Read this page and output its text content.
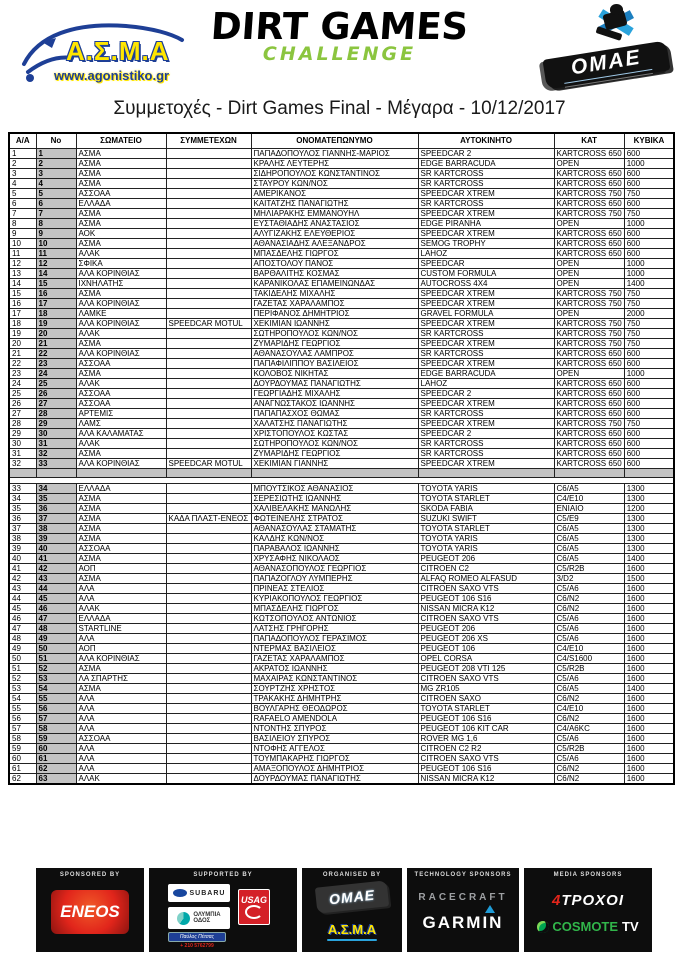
Α.Σ.Μ.Α
www.agonistiko.gr
DIRT GAMES
CHALLENGE	OMAE
Συμμετοχές - Dirt Games Final - Μέγαρα - 10/12/2017
Α/Α	Νο	ΣΩΜΑΤΕΙΟ	ΣΥΜΜΕΤΕΧΩΝ	ΟΝΟΜΑΤΕΠΩΝΥΜΟ	ΑΥΤΟΚΙΝΗΤΟ	ΚΑΤ	ΚΥΒΙΚΑ
1	1	ΑΣΜΑ		ΠΑΠΑΔΟΠΟΥΛΟΣ ΓΙΑΝΝΗΣ-ΜΑΡΙΟΣ	SPEEDCAR 2	KARTCROSS 650	600
2	2	ΑΣΜΑ		ΚΡΑΛΗΣ ΛΕΥΤΕΡΗΣ	EDGE BARRACUDA	OPEN	1000
3	3	ΑΣΜΑ		ΣΙΔΗΡΟΠΟΥΛΟΣ ΚΩΝΣΤΑΝΤΙΝΟΣ	SR KARTCROSS	KARTCROSS 650	600
4	4	ΑΣΜΑ		ΣΤΑΥΡΟΥ ΚΩΝ/ΝΟΣ	SR KARTCROSS	KARTCROSS 650	600
5	5	ΑΣΣΟΑΑ		ΑΜΕΡΙΚΑΝΟΣ	SPEEDCAR XTREM	KARTCROSS 750	750
6	6	ΕΛΛΑΔΑ		ΚΑΙΤΑΤΖΗΣ ΠΑΝΑΓΙΩΤΗΣ	SR KARTCROSS	KARTCROSS 650	600
7	7	ΑΣΜΑ		ΜΗΛΙΑΡΑΚΗΣ ΕΜΜΑΝΟΥΗΛ	SPEEDCAR XTREM	KARTCROSS 750	750
8	8	ΑΣΜΑ		ΕΥΣΤΑΘΙΑΔΗΣ ΑΝΑΣΤΑΣΙΟΣ	EDGE PIRANHA	OPEN	1000
9	9	ΑΟΚ		ΑΛΥΓΙΖΑΚΗΣ ΕΛΕΥΘΕΡΙΟΣ	SPEEDCAR XTREM	KARTCROSS 650	600
10	10	ΑΣΜΑ		ΑΘΑΝΑΣΙΑΔΗΣ ΑΛΕΞΑΝΔΡΟΣ	SEMOG TROPHY	KARTCROSS 650	600
11	11	ΑΛΑΚ		ΜΠΑΣΔΕΛΗΣ ΓΙΩΡΓΟΣ	LAHOZ	KARTCROSS 650	600
12	12	ΣΦΙΚΑ		ΑΠΟΣΤΟΛΟΥ ΠΑΝΟΣ	SPEEDCAR	OPEN	1000
13	14	ΑΛΑ ΚΟΡΙΝΘΙΑΣ		ΒΑΡΘΑΛΙΤΗΣ ΚΟΣΜΑΣ	CUSTOM FORMULA	OPEN	1000
14	15	ΙΧΝΗΛΑΤΗΣ		ΚΑΡΑΝΙΚΟΛΑΣ ΕΠΑΜΕΙΝΩΝΔΑΣ	AUTOCROSS 4X4	OPEN	1400
15	16	ΑΣΜΑ		ΤΑΚΙΔΕΛΗΣ ΜΙΧΑΛΗΣ	SPEEDCAR XTREM	KARTCROSS 750	750
16	17	ΑΛΑ ΚΟΡΙΝΘΙΑΣ		ΓΑΖΕΤΑΣ ΧΑΡΑΛΑΜΠΟΣ	SPEEDCAR XTREM	KARTCROSS 750	750
17	18	ΛΑΜΚΕ		ΠΕΡΙΦΑΝΟΣ ΔΗΜΗΤΡΙΟΣ	GRAVEL FORMULA	OPEN	2000
18	19	ΑΛΑ ΚΟΡΙΝΘΙΑΣ	SPEEDCAR MOTUL	ΧΕΚΙΜΙΑΝ ΙΩΑΝΝΗΣ	SPEEDCAR XTREM	KARTCROSS 750	750
19	20	ΑΛΑΚ		ΣΩΤΗΡΟΠΟΥΛΟΣ ΚΩΝ/ΝΟΣ	SR KARTCROSS	KARTCROSS 750	750
20	21	ΑΣΜΑ		ΖΥΜΑΡΙΔΗΣ ΓΕΩΡΓΙΟΣ	SPEEDCAR XTREM	KARTCROSS 750	750
21	22	ΑΛΑ ΚΟΡΙΝΘΙΑΣ		ΑΘΑΝΑΣΟΥΛΑΣ ΛΑΜΠΡΟΣ	SR KARTCROSS	KARTCROSS 650	600
22	23	ΑΣΣΟΑΑ		ΠΑΠΑΦΙΛΙΠΠΟΥ ΒΑΣΙΛΕΙΟΣ	SPEEDCAR XTREM	KARTCROSS 650	600
23	24	ΑΣΜΑ		ΚΟΛΟΒΟΣ ΝΙΚΗΤΑΣ	EDGE BARRACUDA	OPEN	1000
24	25	ΑΛΑΚ		ΔΟΥΡΔΟΥΜΑΣ ΠΑΝΑΓΙΩΤΗΣ	LAHOZ	KARTCROSS 650	600
25	26	ΑΣΣΟΑΑ		ΓΕΩΡΓΙΑΔΗΣ ΜΙΧΑΛΗΣ	SPEEDCAR 2	KARTCROSS 650	600
26	27	ΑΣΣΟΑΑ		ΑΝΑΓΝΩΣΤΑΚΟΣ ΙΩΑΝΝΗΣ	SPEEDCAR XTREM	KARTCROSS 650	600
27	28	ΑΡΤΕΜΙΣ		ΠΑΠΑΠΑΣΧΟΣ ΘΩΜΑΣ	SR KARTCROSS	KARTCROSS 650	600
28	29	ΛΑΜΣ		ΧΑΛΑΤΣΗΣ ΠΑΝΑΓΙΩΤΗΣ	SPEEDCAR XTREM	KARTCROSS 750	750
29	30	ΑΛΑ ΚΑΛΑΜΑΤΑΣ		ΧΡΙΣΤΟΠΟΥΛΟΣ ΚΩΣΤΑΣ	SPEEDCAR 2	KARTCROSS 650	600
30	31	ΑΛΑΚ		ΣΩΤΗΡΟΠΟΥΛΟΣ ΚΩΝ/ΝΟΣ	SR KARTCROSS	KARTCROSS 650	600
31	32	ΑΣΜΑ		ΖΥΜΑΡΙΔΗΣ ΓΕΩΡΓΙΟΣ	SR KARTCROSS	KARTCROSS 650	600
32	33	ΑΛΑ ΚΟΡΙΝΘΙΑΣ	SPEEDCAR MOTUL	ΧΕΚΙΜΙΑΝ ΓΙΑΝΝΗΣ	SPEEDCAR XTREM	KARTCROSS 650	600

33	34	ΕΛΛΑΔΑ		ΜΠΟΥΤΣΙΚΟΣ ΑΘΑΝΑΣΙΟΣ	TOYOTA YARIS	C6/A5	1300
34	35	ΑΣΜΑ		ΣΕΡΕΣΙΩΤΗΣ ΙΩΑΝΝΗΣ	TOYOTA STARLET	C4/E10	1300
35	36	ΑΣΜΑ		ΧΑΛΙΒΕΛΑΚΗΣ ΜΑΝΩΛΗΣ	SKODA FABIA	ΕΝΙΑΙΟ	1200
36	37	ΑΣΜΑ	ΚΑΔΑ ΠΛΑΣΤ-ΕΝΕΟΣ	ΦΩΤΕΙΝΕΛΗΣ ΣΤΡΑΤΟΣ	SUZUKI SWIFT	C5/E9	1300
37	38	ΑΣΜΑ		ΑΘΑΝΑΣΟΥΛΑΣ ΣΤΑΜΑΤΗΣ	TOYOTA STARLET	C6/A5	1300
38	39	ΑΣΜΑ		ΚΑΛΔΗΣ ΚΩΝ/ΝΟΣ	TOYOTA YARIS	C6/A5	1300
39	40	ΑΣΣΟΑΑ		ΠΑΡΑΒΑΛΟΣ ΙΩΑΝΝΗΣ	TOYOTA YARIS	C6/A5	1300
40	41	ΑΣΜΑ		ΧΡΥΣΑΦΗΣ ΝΙΚΟΛΑΟΣ	PEUGEOT 206	C6/A5	1400
41	42	ΑΟΠ		ΑΘΑΝΑΣΟΠΟΥΛΟΣ ΓΕΩΡΓΙΟΣ	CITROEN C2	C5/R2B	1600
42	43	ΑΣΜΑ		ΠΑΠΑΖΟΓΛΟΥ ΛΥΜΠΕΡΗΣ	ALFAQ ROMEO ALFASUD	3/D2	1500
43	44	ΑΛΑ		ΠΡΙΝΕΑΣ ΣΤΕΛΙΟΣ	CITROEN SAXO VTS	C5/A6	1600
44	45	ΑΛΑ		ΚΥΡΙΑΚΟΠΟΥΛΟΣ ΓΕΩΡΓΙΟΣ	PEUGEOT 106 S16	C6/N2	1600
45	46	ΑΛΑΚ		ΜΠΑΣΔΕΛΗΣ ΓΙΩΡΓΟΣ	NISSAN MICRA K12	C6/N2	1600
46	47	ΕΛΛΑΔΑ		ΚΩΤΣΟΠΟΥΛΟΣ ΑΝΤΩΝΙΟΣ	CITROEN SAXO VTS	C5/A6	1600
47	48	STARTLINE		ΛΑΤΣΗΣ ΓΡΗΓΟΡΗΣ	PEUGEOT 206	C5/A6	1600
48	49	ΑΛΑ		ΠΑΠΑΔΟΠΟΥΛΟΣ ΓΕΡΑΣΙΜΟΣ	PEUGEOT 206 XS	C5/A6	1600
49	50	ΑΟΠ		ΝΤΕΡΜΑΣ ΒΑΣΙΛΕΙΟΣ	PEUGEOT 106	C4/E10	1600
50	51	ΑΛΑ ΚΟΡΙΝΘΙΑΣ		ΓΑΖΕΤΑΣ ΧΑΡΑΛΑΜΠΟΣ	OPEL CORSA	C4/S1600	1600
51	52	ΑΣΜΑ		ΑΚΡΑΤΟΣ ΙΩΑΝΝΗΣ	PEUGEOT 208 VTI 125	C5/R2B	1600
52	53	ΛΑ ΣΠΑΡΤΗΣ		ΜΑΧΑΙΡΑΣ ΚΩΝΣΤΑΝΤΙΝΟΣ	CITROEN SAXO VTS	C5/A6	1600
53	54	ΑΣΜΑ		ΣΟΥΡΤΖΗΣ ΧΡΗΣΤΟΣ	MG ZR105	C6/A5	1400
54	55	ΑΛΑ		ΤΡΑΚΑΚΗΣ ΔΗΜΗΤΡΗΣ	CITROEN SAXO	C6/N2	1600
55	56	ΑΛΑ		ΒΟΥΛΓΑΡΗΣ ΘΕΟΔΩΡΟΣ	TOYOTA STARLET	C4/E10	1600
56	57	ΑΛΑ		RAFAELO AMENDOLA	PEUGEOT 106 S16	C6/N2	1600
57	58	ΑΛΑ		ΝΤΟΝΤΗΣ ΣΠΥΡΟΣ	PEUGEOT 106 KIT CAR	C4/A6KC	1600
58	59	ΑΣΣΟΑΑ		ΒΑΣΙΛΕΙΟΥ ΣΠΥΡΟΣ	ROVER MG 1,6	C5/A6	1600
59	60	ΑΛΑ		ΝΤΟΦΗΣ ΑΓΓΕΛΟΣ	CITROEN C2 R2	C5/R2B	1600
60	61	ΑΛΑ		ΤΟΥΜΠΑΚΑΡΗΣ ΓΙΩΡΓΟΣ	CITROEN SAXO VTS	C5/A6	1600
61	62	ΑΛΑ		ΑΜΑΞΟΠΟΥΛΟΣ ΔΗΜΗΤΡΙΟΣ	PEUGEOT 106 S16	C6/N2	1600
62	63	ΑΛΑΚ		ΔΟΥΡΔΟΥΜΑΣ ΠΑΝΑΓΙΩΤΗΣ	NISSAN MICRA K12	C6/N2	1600
SPONSORED BY
ENEOS
SUPPORTED BY
SUBARU
USAG
ΟΛΥΜΠΙΑ
ΟΔΟΣ
Παύλος Πέτσας
+ 210 5762799
ORGANISED BY
OMAE
Α.Σ.Μ.Α
TECHNOLOGY SPONSORS
RACECRAFT
GARMIN
MEDIA SPONSORS
4ΤΡΟΧΟΙ
COSMOTE TV
